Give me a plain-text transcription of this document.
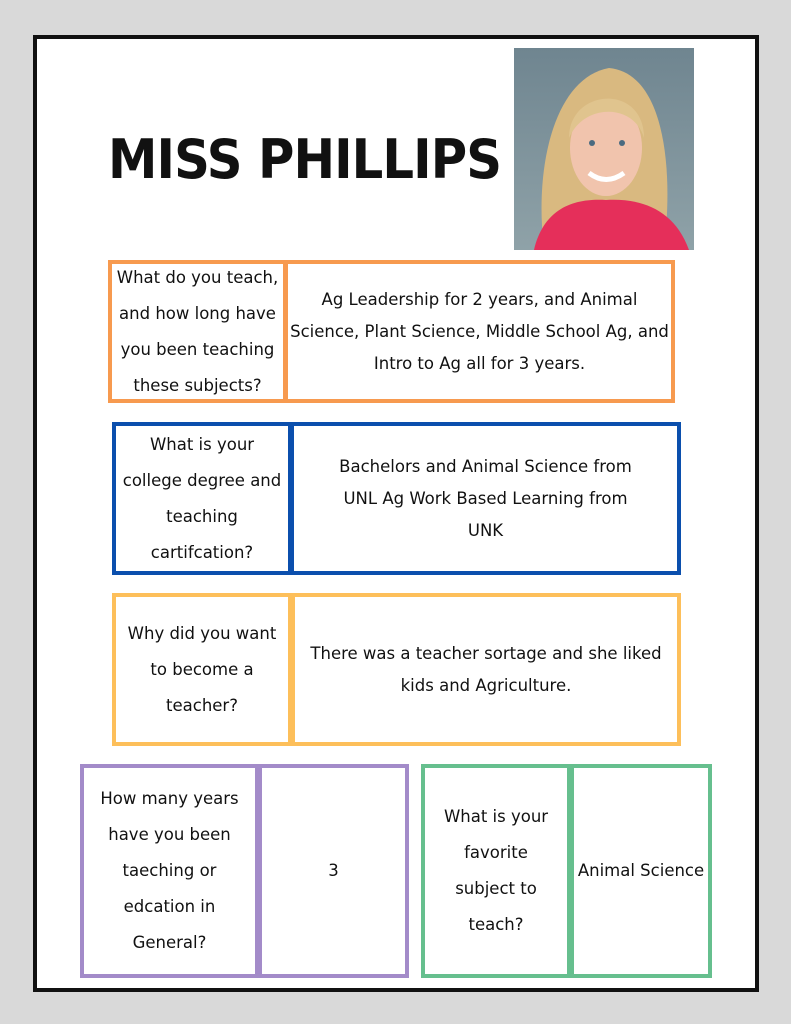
MISS PHILLIPS
What do you teach, and how long have you been teaching these subjects?
Ag Leadership for 2 years, and Animal Science, Plant Science, Middle School Ag, and Intro to Ag all for 3 years.
What is your college degree and teaching cartifcation?
Bachelors and Animal Science from UNL Ag Work Based Learning from UNK
Why did you want to become a teacher?
There was a teacher sortage and she liked kids and Agriculture.
How many years have you been taeching or edcation in General?
3
What is your favorite subject to teach?
Animal Science
